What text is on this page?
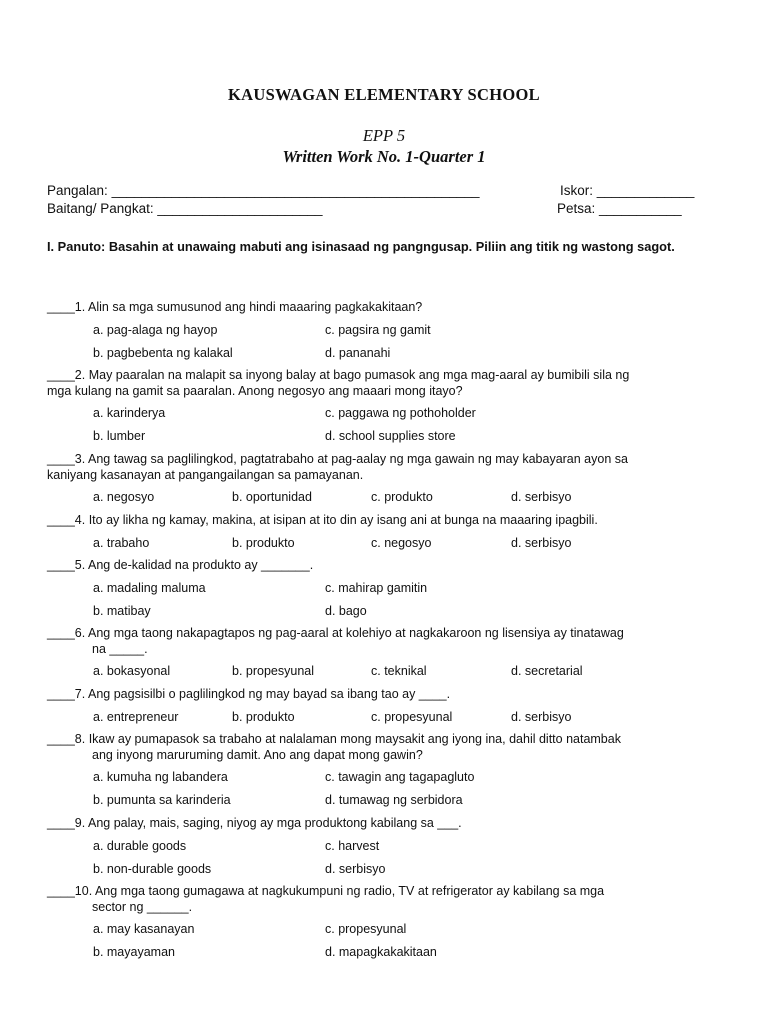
KAUSWAGAN ELEMENTARY SCHOOL
EPP 5
Written Work No. 1-Quarter 1
Pangalan: _________________________________________________	Iskor: _____________
Baitang/ Pangkat: ______________________	Petsa: ___________
I. Panuto: Basahin at unawaing mabuti ang isinasaad ng pangngusap. Piliin ang titik ng wastong sagot.
____1. Alin sa mga sumusunod ang hindi maaaring pagkakakitaan?
a. pag-alaga ng hayop	c. pagsira ng gamit
b. pagbebenta ng kalakal	d. pananahi
____2. May paaralan na malapit sa inyong balay at bago pumasok ang mga mag-aaral ay bumibili sila ng
mga kulang na gamit sa paaralan. Anong negosyo ang maaari mong itayo?
a. karinderya	c. paggawa ng pothoholder
b. lumber	d. school supplies store
____3. Ang tawag sa paglilingkod, pagtatrabaho at pag-aalay ng mga gawain ng may kabayaran ayon sa
kaniyang kasanayan at pangangailangan sa pamayanan.
a. negosyo	b. oportunidad	c. produkto	d. serbisyo
____4. Ito ay likha ng kamay, makina, at isipan at ito din ay isang ani at bunga na maaaring ipagbili.
a. trabaho	b. produkto	c. negosyo	d. serbisyo
____5. Ang de-kalidad na produkto ay _______.
a. madaling maluma	c. mahirap gamitin
b. matibay	d. bago
____6. Ang mga taong nakapagtapos ng pag-aaral at kolehiyo at nagkakaroon ng lisensiya ay tinatawag
na _____.
a. bokasyonal	b. propesyunal	c. teknikal	d. secretarial
____7. Ang pagsisilbi o paglilingkod ng may bayad sa ibang tao ay ____.
a. entrepreneur	b. produkto	c. propesyunal	d. serbisyo
____8. Ikaw ay pumapasok sa trabaho at nalalaman mong maysakit ang iyong ina, dahil ditto natambak
ang inyong maruruming damit. Ano ang dapat mong gawin?
a. kumuha ng labandera	c. tawagin ang tagapagluto
b. pumunta sa karinderia	d. tumawag ng serbidora
____9. Ang palay, mais, saging, niyog ay mga produktong kabilang sa ___.
a. durable goods	c. harvest
b. non-durable goods	d. serbisyo
____10. Ang mga taong gumagawa at nagkukumpuni ng radio, TV at refrigerator ay kabilang sa mga
sector ng ______.
a. may kasanayan	c. propesyunal
b. mayayaman	d. mapagkakakitaan
